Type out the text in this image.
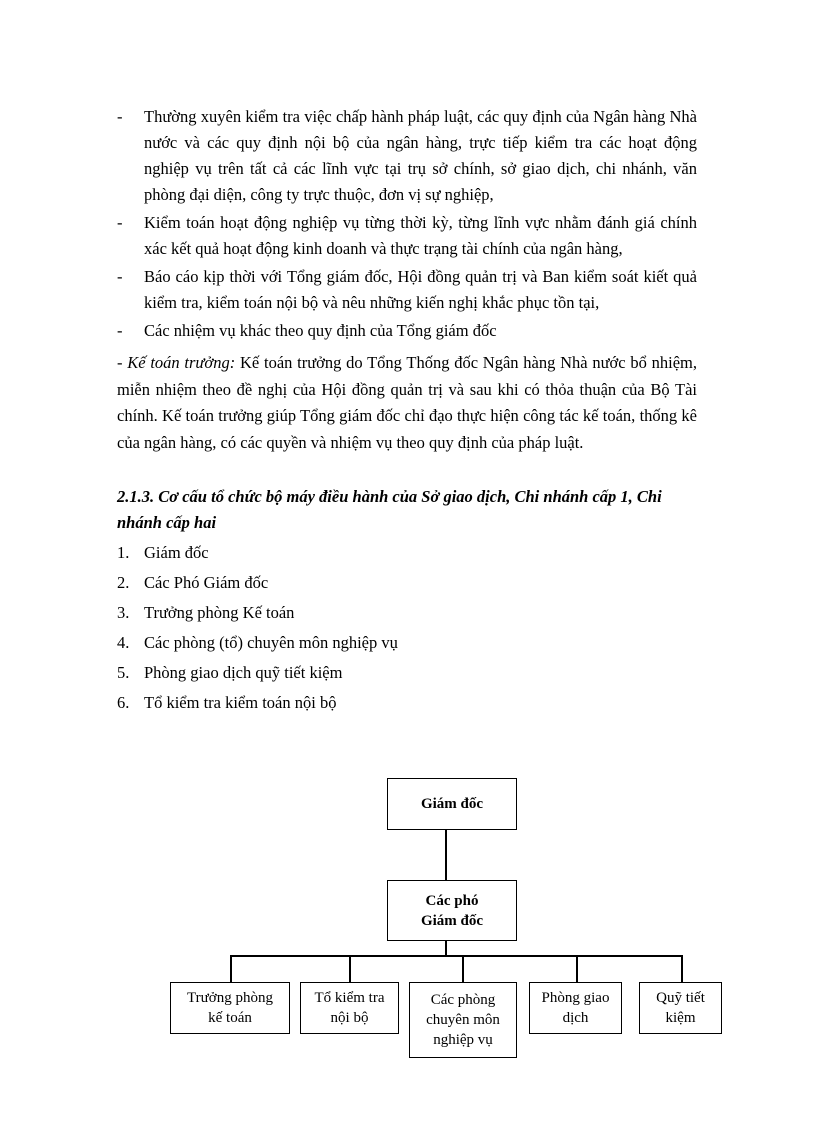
-	Thường xuyên kiểm tra việc chấp hành pháp luật, các quy định của Ngân hàng Nhà nước và các quy định nội bộ của ngân hàng, trực tiếp kiểm tra các hoạt động nghiệp vụ trên tất cả các lĩnh vực tại trụ sở chính, sở giao dịch, chi nhánh, văn phòng đại diện, công ty trực thuộc, đơn vị sự nghiệp,
-	Kiểm toán hoạt động nghiệp vụ từng thời kỳ, từng lĩnh vực nhằm đánh giá chính xác kết quả hoạt động kinh doanh và thực trạng tài chính của ngân hàng,
-	Báo cáo kịp thời với Tổng giám đốc, Hội đồng quản trị và Ban kiểm soát kiết quả kiểm tra, kiểm toán nội bộ và nêu những kiến nghị khắc phục tồn tại,
-	Các nhiệm vụ khác theo quy định của Tổng giám đốc
- Kế toán trưởng: Kế toán trưởng do Tổng Thống đốc Ngân hàng Nhà nước bổ nhiệm, miễn nhiệm theo đề nghị của Hội đồng quản trị và sau khi có thỏa thuận của Bộ Tài chính. Kế toán trưởng giúp Tổng giám đốc chỉ đạo thực hiện công tác kế toán, thống kê của ngân hàng, có các quyền và nhiệm vụ theo quy định của pháp luật.
2.1.3. Cơ cấu tổ chức bộ máy điều hành của Sở giao dịch, Chi nhánh cấp 1, Chi nhánh cấp hai
1. Giám đốc
2. Các Phó Giám đốc
3. Trưởng phòng Kế toán
4. Các phòng (tổ) chuyên môn nghiệp vụ
5. Phòng giao dịch quỹ tiết kiệm
6. Tổ kiểm tra kiểm toán nội bộ
Giám đốc
Các phó
Giám đốc
Trưởng phòng
kế toán
Tổ kiểm tra
nội bộ
Các phòng
chuyên môn
nghiệp vụ
Phòng giao
dịch
Quỹ tiết
kiệm
